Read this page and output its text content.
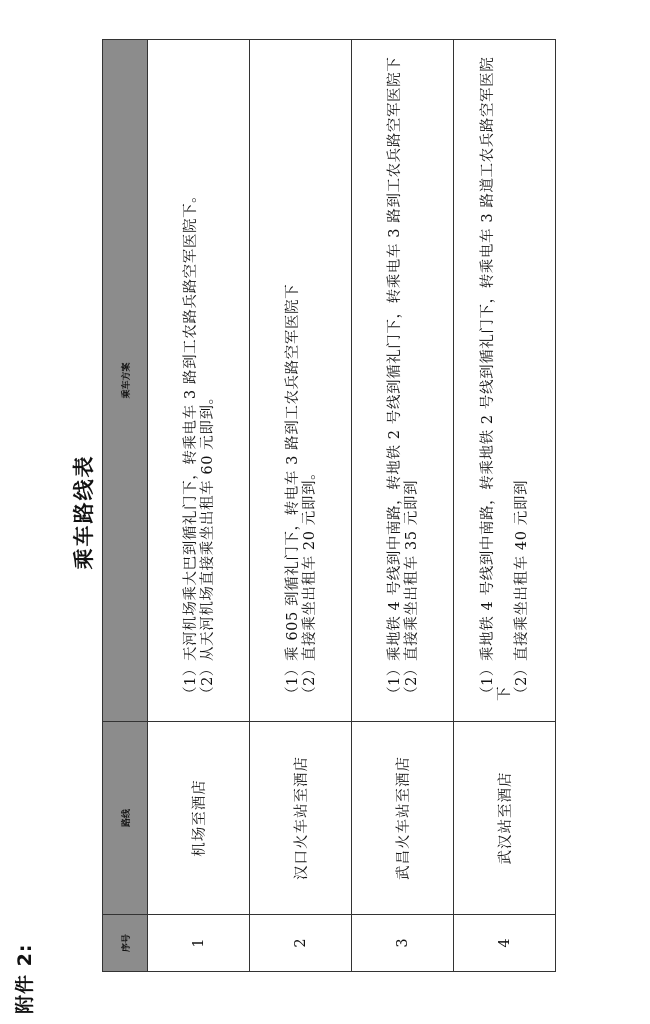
附件 2:
乘车路线表
序号	路线	乘车方案
1	机场至酒店	（1）天河机场乘大巴到循礼门下，转乘电车 3 路到工农路兵路空军医院下。 （2）从天河机场直接乘坐出租车 60 元即到。

2	汉口火车站至酒店	（1）乘 605 到循礼门下，转电车 3 路到工农兵路空军医院下 （2）直接乘坐出租车 20 元即到。

3	武昌火车站至酒店	（1）乘地铁 4 号线到中南路，转地铁 2 号线到循礼门下，转乘电车 3 路到工农兵路空军医院下 （2）直接乘坐出租车 35 元即到

4	武汉站至酒店	（1）乘地铁 4 号线到中南路，转乘地铁 2 号线到循礼门下，转乘电车 3 路道工农兵路空军医院下 （2）直接乘坐出租车 40 元即到
